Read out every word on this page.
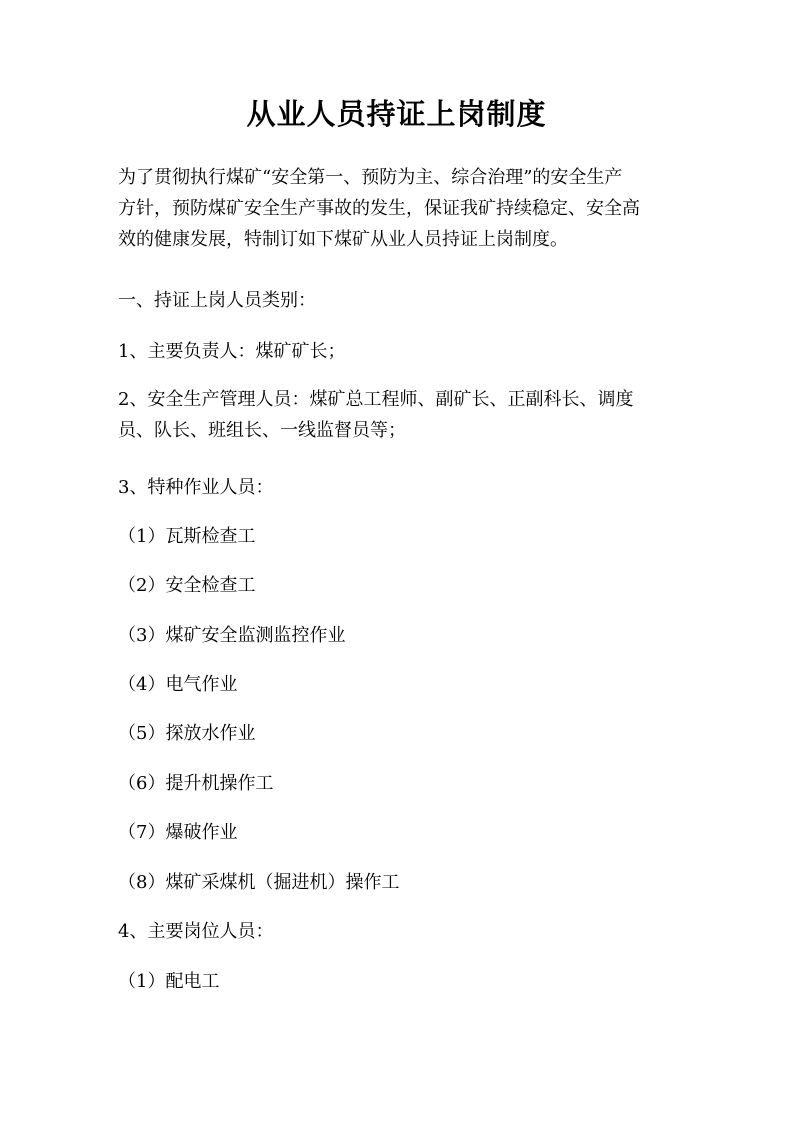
从业人员持证上岗制度

为了贯彻执行煤矿“安全第一、预防为主、综合治理”的安全生产
方针，预防煤矿安全生产事故的发生，保证我矿持续稳定、安全高
效的健康发展，特制订如下煤矿从业人员持证上岗制度。

一、持证上岗人员类别：
1、主要负责人：煤矿矿长；

2、安全生产管理人员：煤矿总工程师、副矿长、正副科长、调度
员、队长、班组长、一线监督员等；

3、特种作业人员：
（1）瓦斯检查工
（2）安全检查工
（3）煤矿安全监测监控作业
（4）电气作业
（5）探放水作业
（6）提升机操作工
（7）爆破作业
（8）煤矿采煤机（掘进机）操作工
4、主要岗位人员：
（1）配电工
